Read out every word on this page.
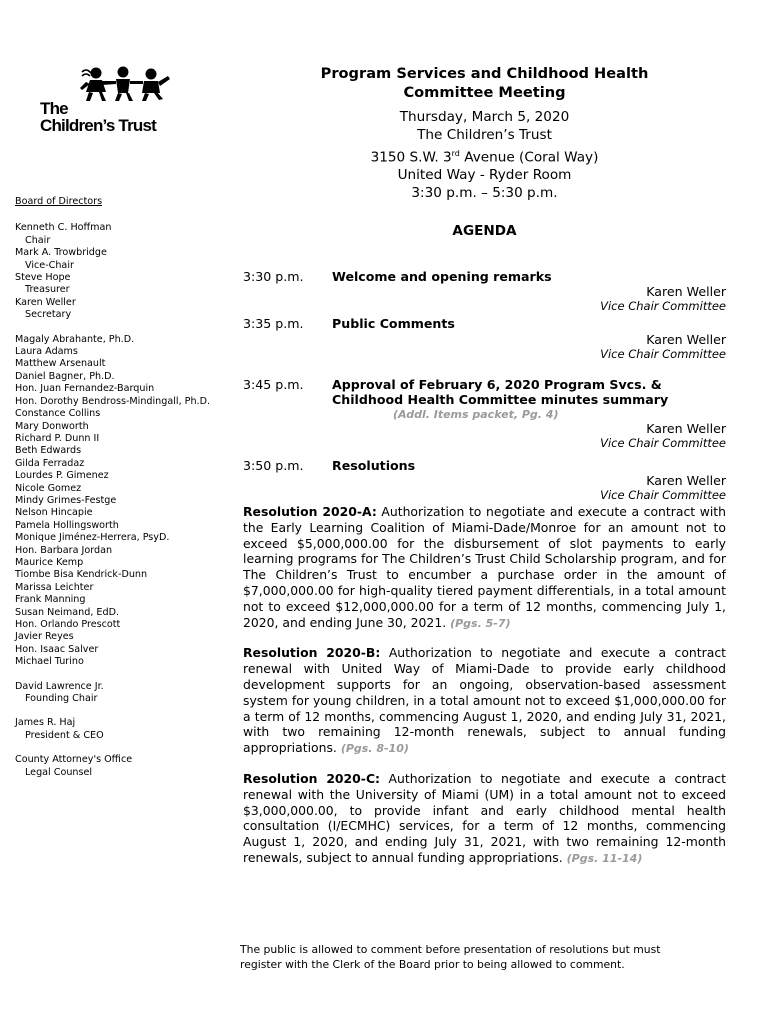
The
Children’s Trust
Board of Directors
Kenneth C. Hoffman
Chair
Mark A. Trowbridge
Vice-Chair
Steve Hope
Treasurer
Karen Weller
Secretary
Magaly Abrahante, Ph.D.
Laura Adams
Matthew Arsenault
Daniel Bagner, Ph.D.
Hon. Juan Fernandez-Barquin
Hon. Dorothy Bendross-Mindingall, Ph.D.
Constance Collins
Mary Donworth
Richard P. Dunn II
Beth Edwards
Gilda Ferradaz
Lourdes P. Gimenez
Nicole Gomez
Mindy Grimes-Festge
Nelson Hincapie
Pamela Hollingsworth
Monique Jiménez-Herrera, PsyD.
Hon. Barbara Jordan
Maurice Kemp
Tiombe Bisa Kendrick-Dunn
Marissa Leichter
Frank Manning
Susan Neimand, EdD.
Hon. Orlando Prescott
Javier Reyes
Hon. Isaac Salver
Michael Turino
David Lawrence Jr.
Founding Chair
James R. Haj
President & CEO
County Attorney's Office
Legal Counsel
Program Services and Childhood Health
Committee Meeting
Thursday, March 5, 2020
The Children’s Trust
3150 S.W. 3rd Avenue (Coral Way)
United Way - Ryder Room
3:30 p.m. – 5:30 p.m.
AGENDA
3:30 p.m. Welcome and opening remarks
Karen Weller
Vice Chair Committee
3:35 p.m. Public Comments
Karen Weller
Vice Chair Committee
3:45 p.m. Approval of February 6, 2020 Program Svcs. &
Childhood Health Committee minutes summary
(Addl. Items packet, Pg. 4)
Karen Weller
Vice Chair Committee
3:50 p.m. Resolutions
Karen Weller
Vice Chair Committee
Resolution 2020-A: Authorization to negotiate and execute a contract with the Early Learning Coalition of Miami-Dade/Monroe for an amount not to exceed $5,000,000.00 for the disbursement of slot payments to early learning programs for The Children’s Trust Child Scholarship program, and for The Children’s Trust to encumber a purchase order in the amount of $7,000,000.00 for high-quality tiered payment differentials, in a total amount not to exceed $12,000,000.00 for a term of 12 months, commencing July 1, 2020, and ending June 30, 2021. (Pgs. 5-7)
Resolution 2020-B: Authorization to negotiate and execute a contract renewal with United Way of Miami-Dade to provide early childhood development supports for an ongoing, observation-based assessment system for young children, in a total amount not to exceed $1,000,000.00 for a term of 12 months, commencing August 1, 2020, and ending July 31, 2021, with two remaining 12-month renewals, subject to annual funding appropriations. (Pgs. 8-10)
Resolution 2020-C: Authorization to negotiate and execute a contract renewal with the University of Miami (UM) in a total amount not to exceed $3,000,000.00, to provide infant and early childhood mental health consultation (I/ECMHC) services, for a term of 12 months, commencing August 1, 2020, and ending July 31, 2021, with two remaining 12-month renewals, subject to annual funding appropriations. (Pgs. 11-14)
The public is allowed to comment before presentation of resolutions but must
register with the Clerk of the Board prior to being allowed to comment.
